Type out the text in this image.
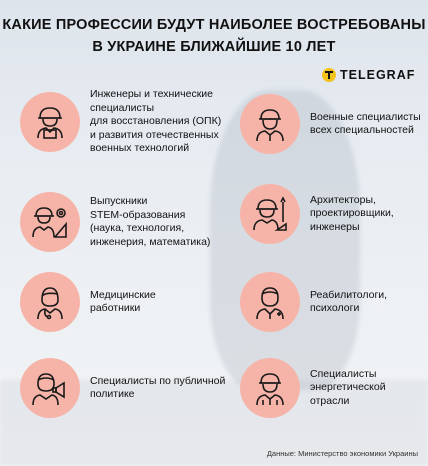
КАКИЕ ПРОФЕССИИ БУДУТ НАИБОЛЕЕ ВОСТРЕБОВАНЫ
В УКРАИНЕ БЛИЖАЙШИЕ 10 ЛЕТ
TELEGRAF
Инженеры и технические
специалисты
для восстановления (ОПК)
и развития отечественных
военных технологий
Военные специалисты
всех специальностей
Выпускники
STEM-образования
(наука, технология,
инженерия, математика)
Архитекторы,
проектировщики,
инженеры
Медицинские
работники
Реабилитологи,
психологи
Специалисты по публичной
политике
Специалисты
энергетической
отрасли
Данные: Министерство экономики Украины
